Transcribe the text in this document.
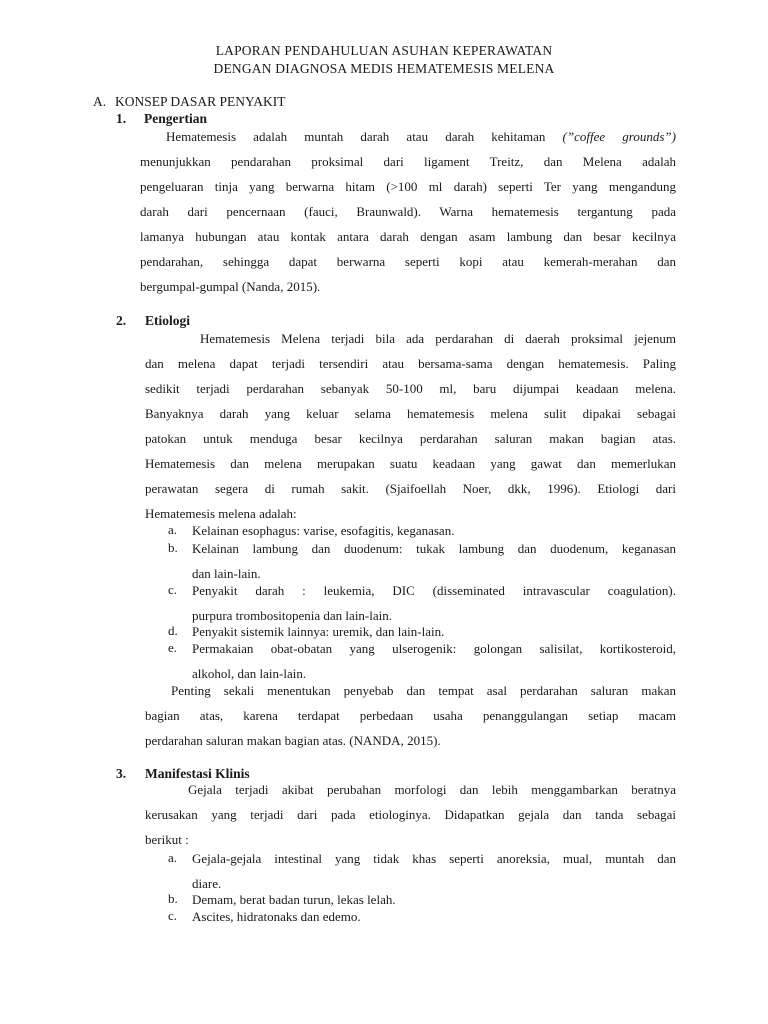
LAPORAN PENDAHULUAN ASUHAN KEPERAWATAN
DENGAN DIAGNOSA MEDIS HEMATEMESIS MELENA
A. KONSEP DASAR PENYAKIT
1. Pengertian
Hematemesis adalah muntah darah atau darah kehitaman (”coffee grounds”)
menunjukkan pendarahan proksimal dari ligament Treitz, dan Melena adalah
pengeluaran tinja yang berwarna hitam (>100 ml darah) seperti Ter yang mengandung
darah dari pencernaan (fauci, Braunwald). Warna hematemesis tergantung pada
lamanya hubungan atau kontak antara darah dengan asam lambung dan besar kecilnya
pendarahan, sehingga dapat berwarna seperti kopi atau kemerah-merahan dan
bergumpal-gumpal (Nanda, 2015).
2. Etiologi
Hematemesis Melena terjadi bila ada perdarahan di daerah proksimal jejenum
dan melena dapat terjadi tersendiri atau bersama-sama dengan hematemesis. Paling
sedikit terjadi perdarahan sebanyak 50-100 ml, baru dijumpai keadaan melena.
Banyaknya darah yang keluar selama hematemesis melena sulit dipakai sebagai
patokan untuk menduga besar kecilnya perdarahan saluran makan bagian atas.
Hematemesis dan melena merupakan suatu keadaan yang gawat dan memerlukan
perawatan segera di rumah sakit. (Sjaifoellah Noer, dkk, 1996). Etiologi dari
Hematemesis melena adalah:
a. Kelainan esophagus: varise, esofagitis, keganasan.
b. Kelainan lambung dan duodenum: tukak lambung dan duodenum, keganasan
dan lain-lain.
c. Penyakit darah : leukemia, DIC (disseminated intravascular coagulation).
purpura trombositopenia dan lain-lain.
d. Penyakit sistemik lainnya: uremik, dan lain-lain.
e. Permakaian obat-obatan yang ulserogenik: golongan salisilat, kortikosteroid,
alkohol, dan lain-lain.
Penting sekali menentukan penyebab dan tempat asal perdarahan saluran makan
bagian atas, karena terdapat perbedaan usaha penanggulangan setiap macam
perdarahan saluran makan bagian atas. (NANDA, 2015).
3. Manifestasi Klinis
Gejala terjadi akibat perubahan morfologi dan lebih menggambarkan beratnya
kerusakan yang terjadi dari pada etiologinya. Didapatkan gejala dan tanda sebagai
berikut :
a. Gejala-gejala intestinal yang tidak khas seperti anoreksia, mual, muntah dan
diare.
b. Demam, berat badan turun, lekas lelah.
c. Ascites, hidratonaks dan edemo.
